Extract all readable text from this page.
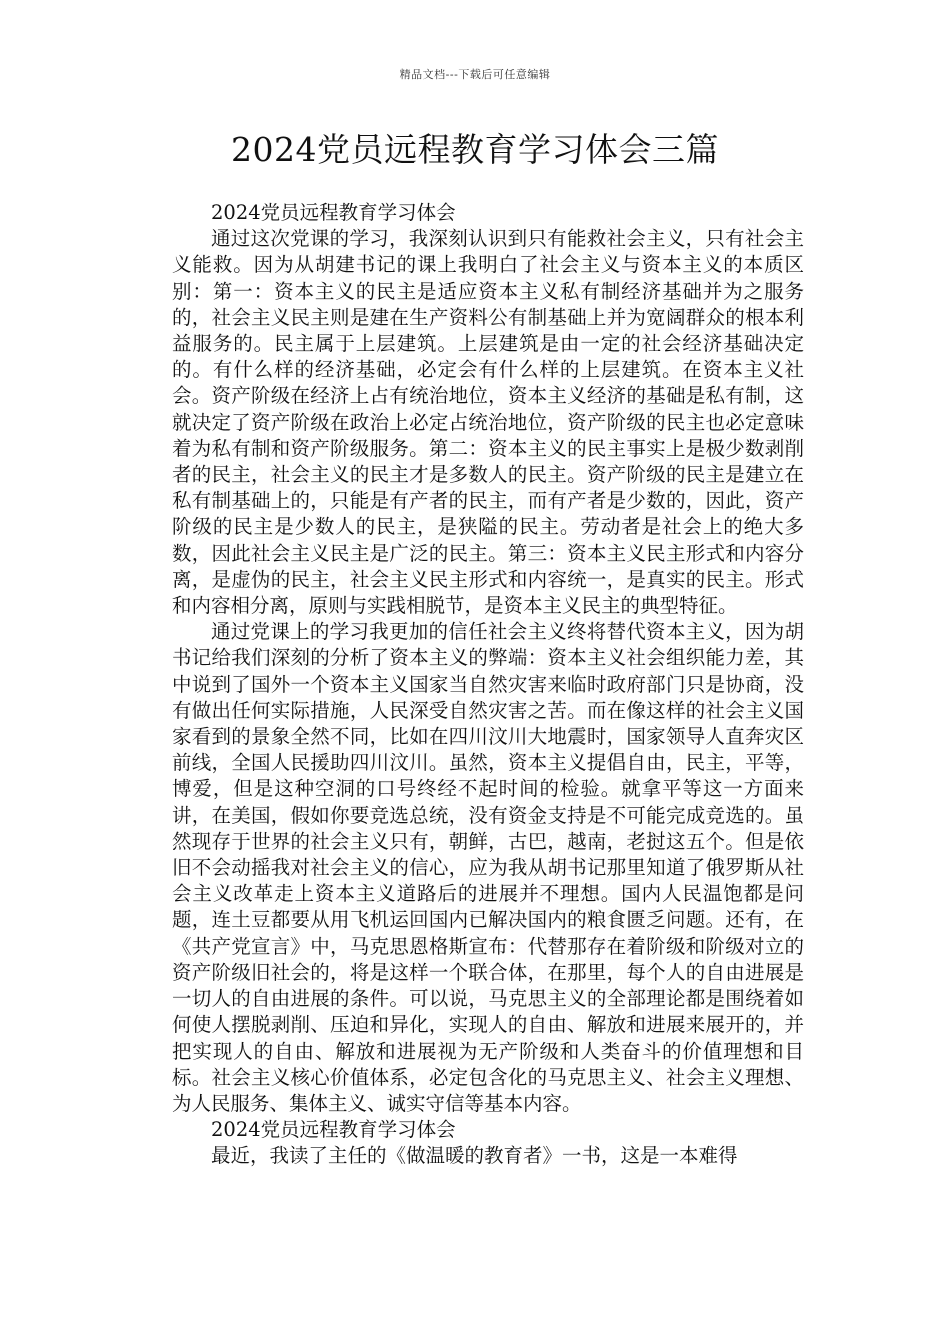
精品文档---下载后可任意编辑
2024党员远程教育学习体会三篇

2024党员远程教育学习体会

通过这次党课的学习，我深刻认识到只有能救社会主义，只有社会主义能救。因为从胡建书记的课上我明白了社会主义与资本主义的本质区别：第一：资本主义的民主是适应资本主义私有制经济基础并为之服务的，社会主义民主则是建在生产资料公有制基础上并为宽阔群众的根本利益服务的。民主属于上层建筑。上层建筑是由一定的社会经济基础决定的。有什么样的经济基础，必定会有什么样的上层建筑。在资本主义社会。资产阶级在经济上占有统治地位，资本主义经济的基础是私有制，这就决定了资产阶级在政治上必定占统治地位，资产阶级的民主也必定意味着为私有制和资产阶级服务。第二：资本主义的民主事实上是极少数剥削者的民主，社会主义的民主才是多数人的民主。资产阶级的民主是建立在私有制基础上的，只能是有产者的民主，而有产者是少数的，因此，资产阶级的民主是少数人的民主，是狭隘的民主。劳动者是社会上的绝大多数，因此社会主义民主是广泛的民主。第三：资本主义民主形式和内容分离，是虚伪的民主，社会主义民主形式和内容统一，是真实的民主。形式和内容相分离，原则与实践相脱节，是资本主义民主的典型特征。

通过党课上的学习我更加的信任社会主义终将替代资本主义，因为胡书记给我们深刻的分析了资本主义的弊端：资本主义社会组织能力差，其中说到了国外一个资本主义国家当自然灾害来临时政府部门只是协商，没有做出任何实际措施，人民深受自然灾害之苦。而在像这样的社会主义国家看到的景象全然不同，比如在四川汶川大地震时，国家领导人直奔灾区前线，全国人民援助四川汶川。虽然，资本主义提倡自由，民主，平等，博爱，但是这种空洞的口号终经不起时间的检验。就拿平等这一方面来讲，在美国，假如你要竞选总统，没有资金支持是不可能完成竞选的。虽然现存于世界的社会主义只有，朝鲜，古巴，越南，老挝这五个。但是依旧不会动摇我对社会主义的信心，应为我从胡书记那里知道了俄罗斯从社会主义改革走上资本主义道路后的进展并不理想。国内人民温饱都是问题，连土豆都要从用飞机运回国内已解决国内的粮食匮乏问题。还有，在《共产党宣言》中，马克思恩格斯宣布：代替那存在着阶级和阶级对立的资产阶级旧社会的，将是这样一个联合体，在那里，每个人的自由进展是一切人的自由进展的条件。可以说，马克思主义的全部理论都是围绕着如何使人摆脱剥削、压迫和异化，实现人的自由、解放和进展来展开的，并把实现人的自由、解放和进展视为无产阶级和人类奋斗的价值理想和目标。社会主义核心价值体系，必定包含化的马克思主义、社会主义理想、为人民服务、集体主义、诚实守信等基本内容。

2024党员远程教育学习体会

最近，我读了主任的《做温暖的教育者》一书，这是一本难得
